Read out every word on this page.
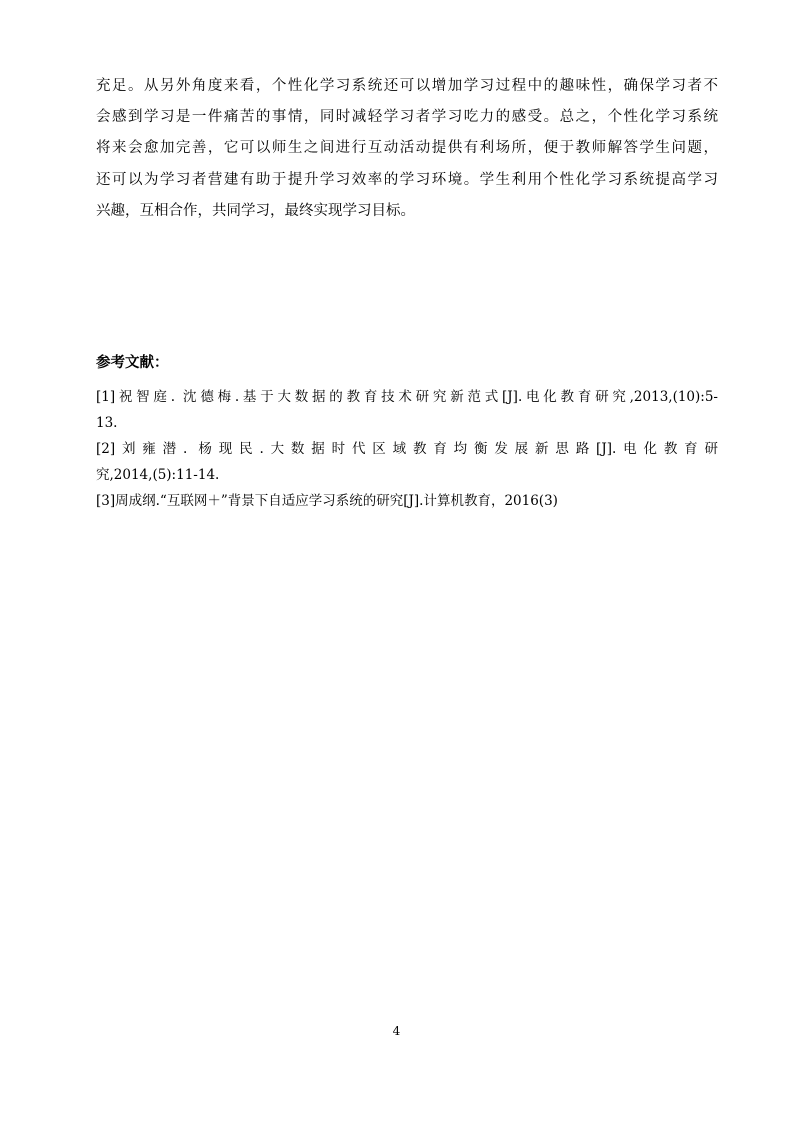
充足。从另外角度来看，个性化学习系统还可以增加学习过程中的趣味性，确保学习者不
会感到学习是一件痛苦的事情，同时减轻学习者学习吃力的感受。总之，个性化学习系统
将来会愈加完善，它可以师生之间进行互动活动提供有利场所，便于教师解答学生问题，
还可以为学习者营建有助于提升学习效率的学习环境。学生利用个性化学习系统提高学习
兴趣，互相合作，共同学习，最终实现学习目标。

参考文献：
[1]祝智庭. 沈德梅.基于大数据的教育技术研究新范式[J].电化教育研究,2013,(10):5-
13.
[2]刘雍潜. 杨现民.大数据时代区域教育均衡发展新思路[J].电化教育研
究,2014,(5):11-14.
[3]周成纲.“互联网＋”背景下自适应学习系统的研究[J].计算机教育，2016(3)
4
